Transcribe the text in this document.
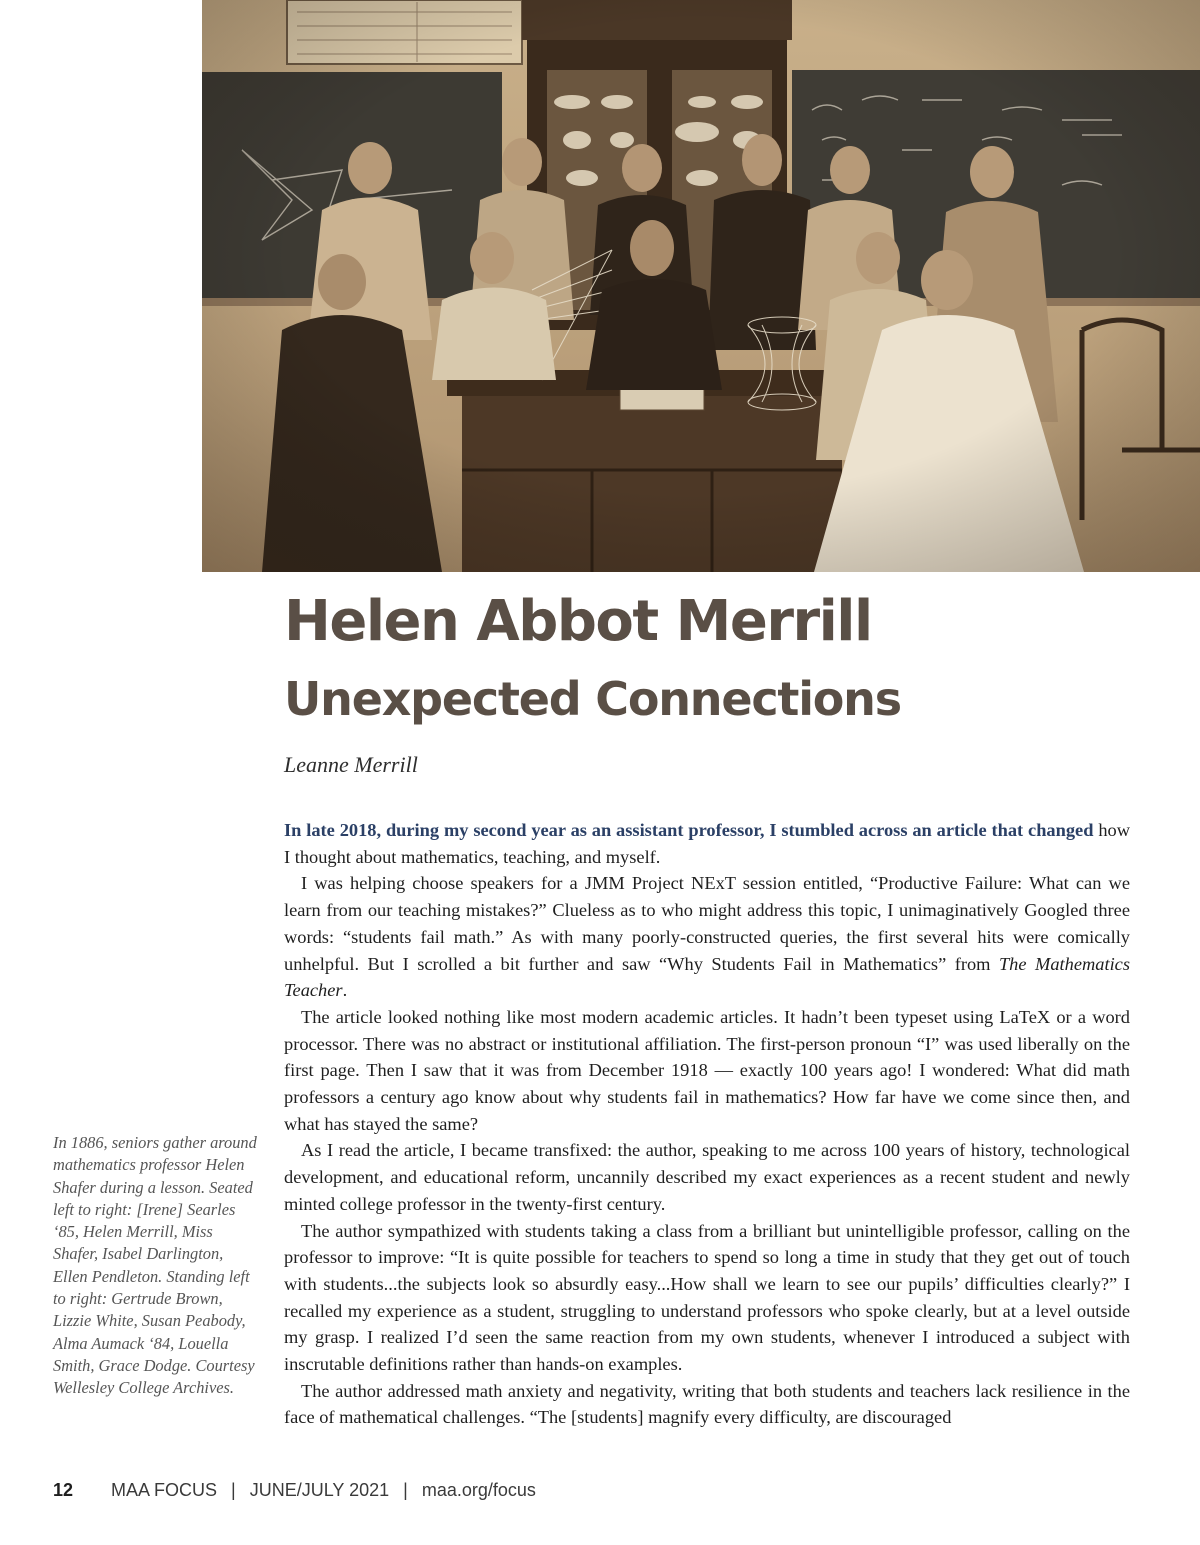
Helen Abbot Merrill
Unexpected Connections
Leanne Merrill

In late 2018, during my second year as an assistant professor, I stumbled across an article that changed how I thought about mathematics, teaching, and myself.

I was helping choose speakers for a JMM Project NExT session entitled, “Productive Failure: What can we learn from our teaching mistakes?” Clueless as to who might address this topic, I unimaginatively Googled three words: “students fail math.” As with many poorly-constructed queries, the first several hits were comically unhelpful. But I scrolled a bit further and saw “Why Students Fail in Mathematics” from The Mathematics Teacher.

The article looked nothing like most modern academic articles. It hadn’t been typeset using LaTeX or a word processor. There was no abstract or institutional affiliation. The first-person pronoun “I” was used liberally on the first page. Then I saw that it was from December 1918 — exactly 100 years ago! I wondered: What did math professors a century ago know about why students fail in mathematics? How far have we come since then, and what has stayed the same?

As I read the article, I became transfixed: the author, speaking to me across 100 years of history, technological development, and educational reform, uncannily described my exact experiences as a recent student and newly minted college professor in the twenty-first century.

The author sympathized with students taking a class from a brilliant but unintelligible professor, calling on the professor to improve: “It is quite possible for teachers to spend so long a time in study that they get out of touch with students...the subjects look so absurdly easy...How shall we learn to see our pupils’ difficulties clearly?” I recalled my experience as a student, struggling to understand professors who spoke clearly, but at a level outside my grasp. I realized I’d seen the same reaction from my own students, whenever I introduced a subject with inscrutable definitions rather than hands-on examples.

The author addressed math anxiety and negativity, writing that both students and teachers lack resilience in the face of mathematical challenges. “The [students] magnify every difficulty, are discouraged

In 1886, seniors gather around mathematics professor Helen Shafer during a lesson. Seated left to right: [Irene] Searles ‘85, Helen Merrill, Miss Shafer, Isabel Darlington, Ellen Pendleton. Standing left to right: Gertrude Brown, Lizzie White, Susan Peabody, Alma Aumack ‘84, Louella Smith, Grace Dodge. Courtesy Wellesley College Archives.
12 MAA FOCUS | JUNE/JULY 2021 | maa.org/focus
